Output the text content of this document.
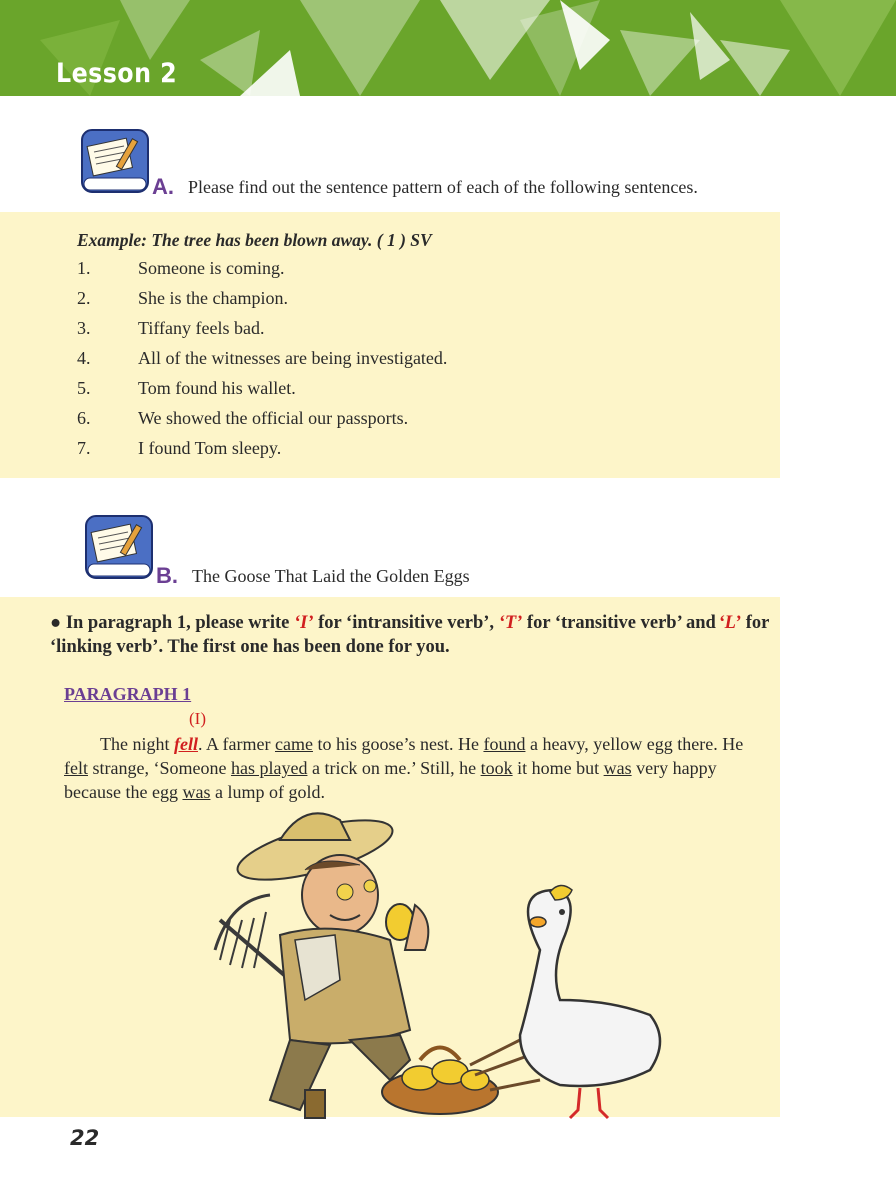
Lesson 2
A. Please find out the sentence pattern of each of the following sentences.
Example: The tree has been blown away. ( 1 ) SV
1.	Someone is coming.
2.	She is the champion.
3.	Tiffany feels bad.
4.	All of the witnesses are being investigated.
5.	Tom found his wallet.
6.	We showed the official our passports.
7.	I found Tom sleepy.
B. The Goose That Laid the Golden Eggs
● In paragraph 1, please write ‘I’ for ‘intransitive verb’, ‘T’ for ‘transitive verb’ and ‘L’ for ‘linking verb’. The first one has been done for you.
PARAGRAPH 1
(I)

The night fell. A farmer came to his goose’s nest. He found a heavy, yellow egg there. He felt strange, ‘Someone has played a trick on me.’ Still, he took it home but was very happy because the egg was a lump of gold.

22
